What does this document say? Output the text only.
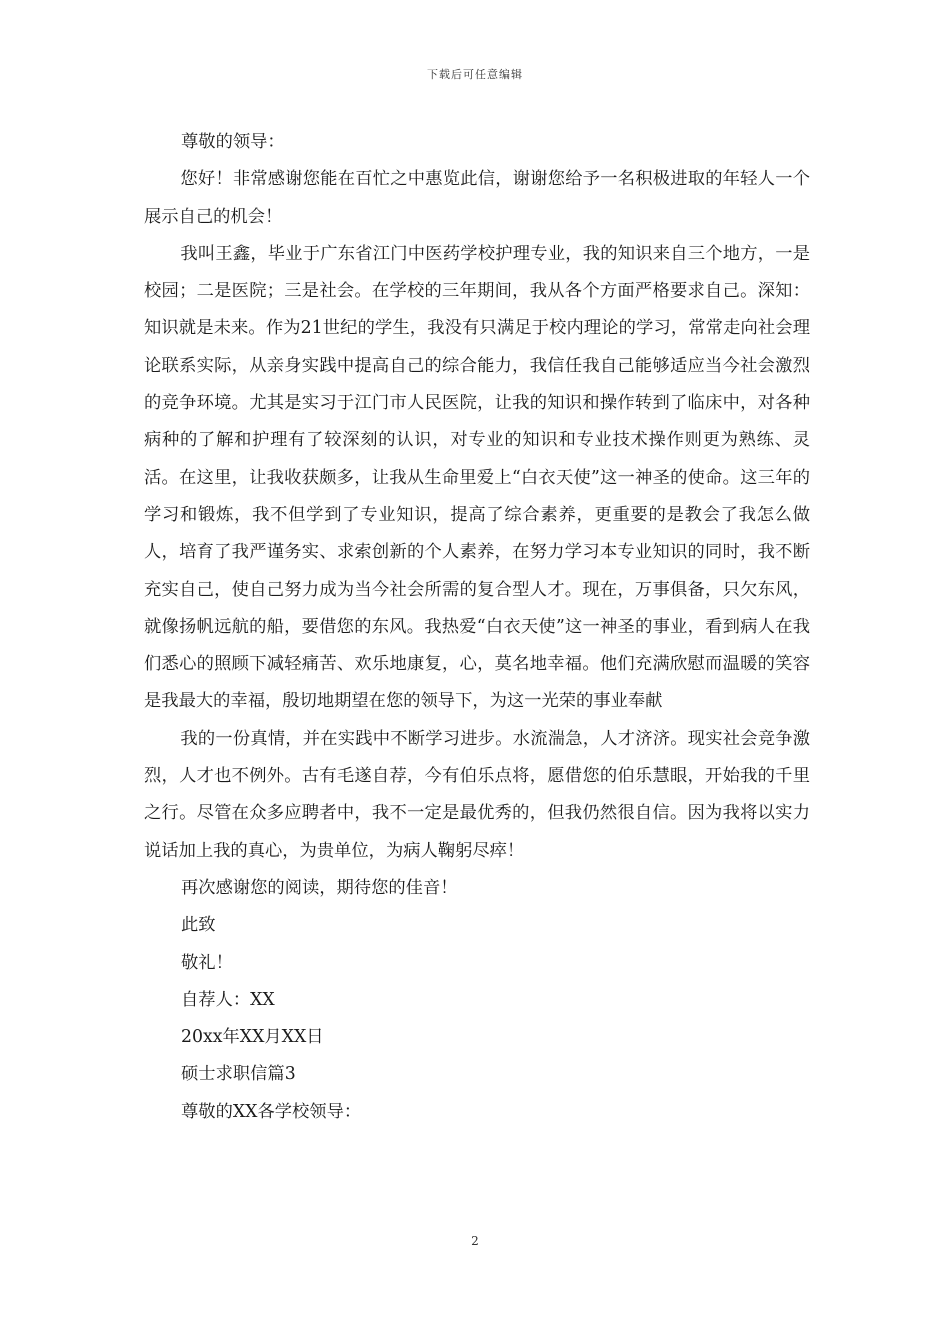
下载后可任意编辑
尊敬的领导：
您好！非常感谢您能在百忙之中惠览此信，谢谢您给予一名积极进取的年轻人一个展示自己的机会！
我叫王鑫，毕业于广东省江门中医药学校护理专业，我的知识来自三个地方，一是校园；二是医院；三是社会。在学校的三年期间，我从各个方面严格要求自己。深知：知识就是未来。作为21世纪的学生，我没有只满足于校内理论的学习，常常走向社会理论联系实际，从亲身实践中提高自己的综合能力，我信任我自己能够适应当今社会激烈的竞争环境。尤其是实习于江门市人民医院，让我的知识和操作转到了临床中，对各种病种的了解和护理有了较深刻的认识，对专业的知识和专业技术操作则更为熟练、灵活。在这里，让我收获颇多，让我从生命里爱上“白衣天使”这一神圣的使命。这三年的学习和锻炼，我不但学到了专业知识，提高了综合素养，更重要的是教会了我怎么做人，培育了我严谨务实、求索创新的个人素养，在努力学习本专业知识的同时，我不断充实自己，使自己努力成为当今社会所需的复合型人才。现在，万事俱备，只欠东风，就像扬帆远航的船，要借您的东风。我热爱“白衣天使”这一神圣的事业，看到病人在我们悉心的照顾下减轻痛苦、欢乐地康复，心，莫名地幸福。他们充满欣慰而温暖的笑容是我最大的幸福，殷切地期望在您的领导下，为这一光荣的事业奉献
我的一份真情，并在实践中不断学习进步。水流湍急，人才济济。现实社会竞争激烈，人才也不例外。古有毛遂自荐，今有伯乐点将，愿借您的伯乐慧眼，开始我的千里之行。尽管在众多应聘者中，我不一定是最优秀的，但我仍然很自信。因为我将以实力说话加上我的真心，为贵单位，为病人鞠躬尽瘁！
再次感谢您的阅读，期待您的佳音！
此致
敬礼！
自荐人：XX
20xx年XX月XX日
硕士求职信篇3
尊敬的XX各学校领导：
2
